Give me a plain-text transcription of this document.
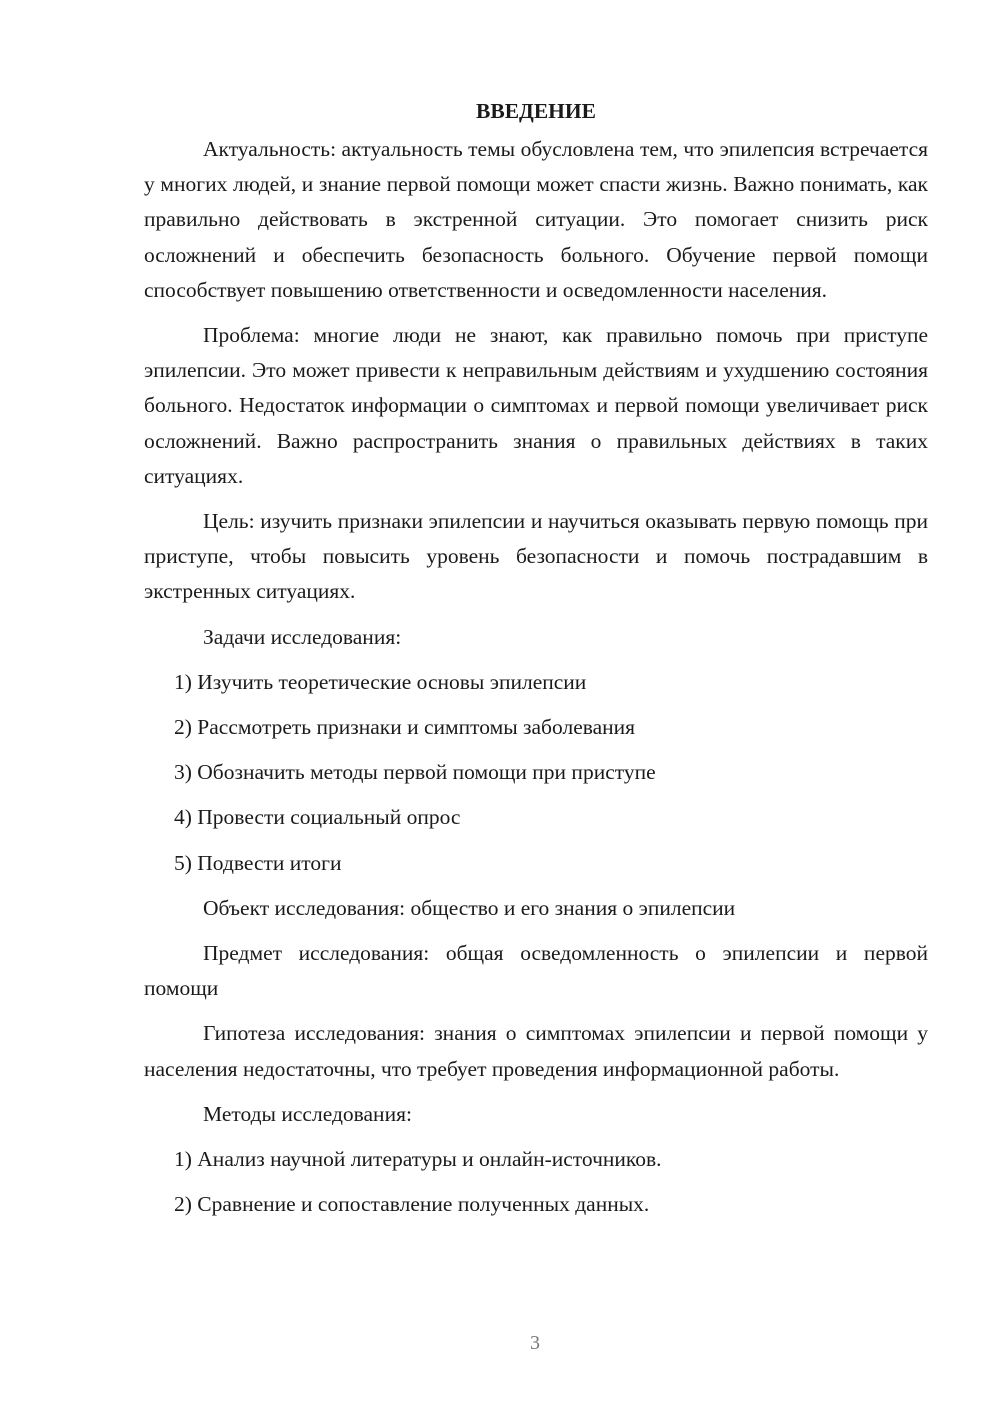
ВВЕДЕНИЕ

Актуальность: актуальность темы обусловлена тем, что эпилепсия встречается у многих людей, и знание первой помощи может спасти жизнь. Важно понимать, как правильно действовать в экстренной ситуации. Это помогает снизить риск осложнений и обеспечить безопасность больного. Обучение первой помощи способствует повышению ответственности и осведомленности населения.

Проблема: многие люди не знают, как правильно помочь при приступе эпилепсии. Это может привести к неправильным действиям и ухудшению состояния больного. Недостаток информации о симптомах и первой помощи увеличивает риск осложнений. Важно распространить знания о правильных действиях в таких ситуациях.

Цель: изучить признаки эпилепсии и научиться оказывать первую помощь при приступе, чтобы повысить уровень безопасности и помочь пострадавшим в экстренных ситуациях.

Задачи исследования:

1) Изучить теоретические основы эпилепсии

2) Рассмотреть признаки и симптомы заболевания

3) Обозначить методы первой помощи при приступе

4) Провести социальный опрос

5) Подвести итоги

Объект исследования: общество и его знания о эпилепсии

Предмет исследования: общая осведомленность о эпилепсии и первой помощи

Гипотеза исследования: знания о симптомах эпилепсии и первой помощи у населения недостаточны, что требует проведения информационной работы.

Методы исследования:

1) Анализ научной литературы и онлайн-источников.

2) Сравнение и сопоставление полученных данных.

3
